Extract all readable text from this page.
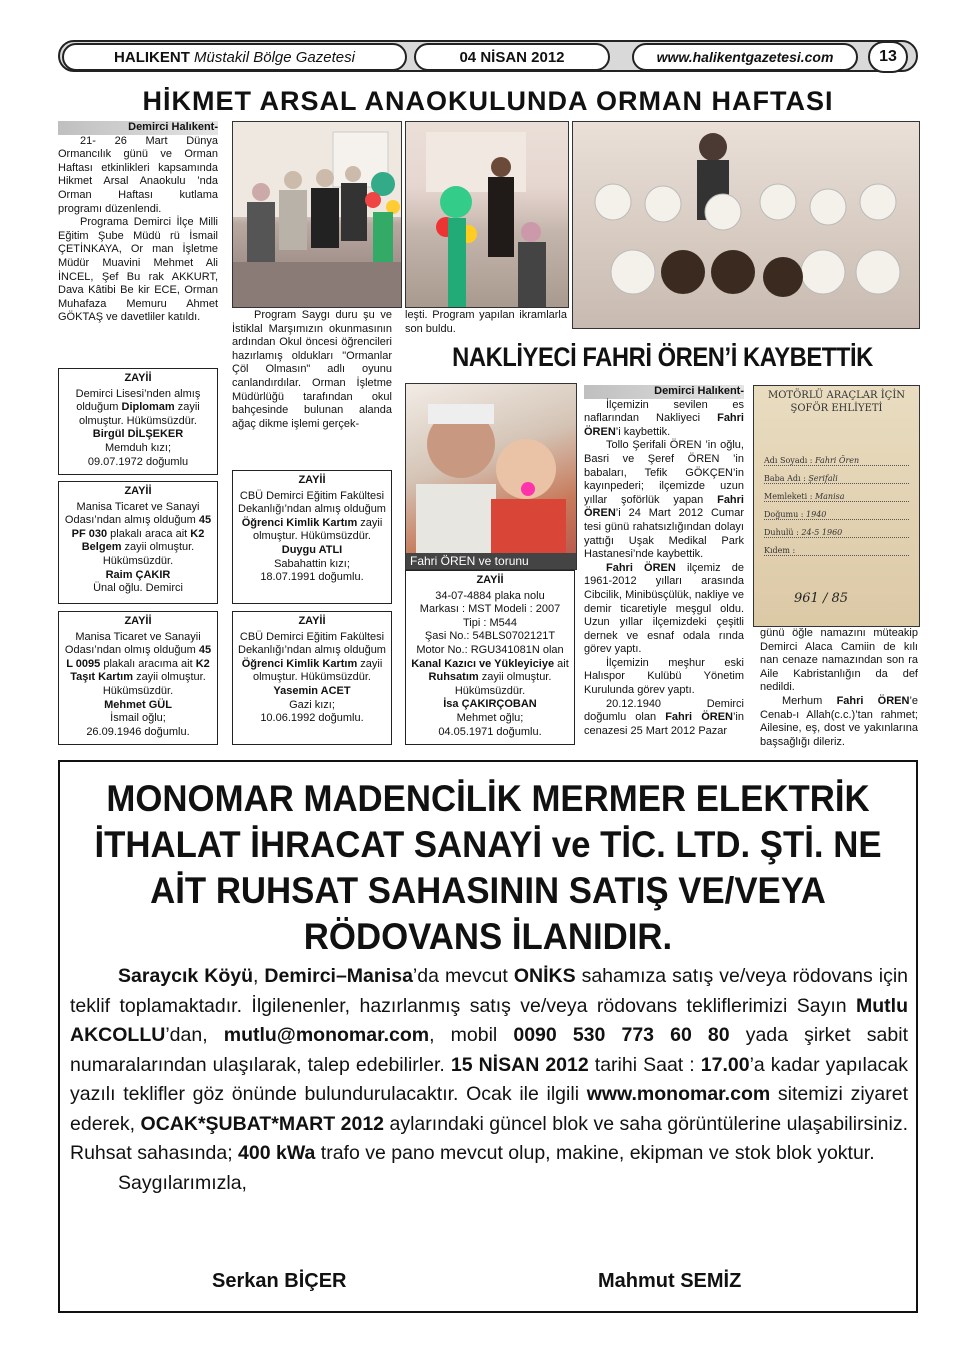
HALIKENT
Müstakil Bölge Gazetesi	04 NİSAN 2012	www.halikentgazetesi.com	13
HİKMET ARSAL ANAOKULUNDA ORMAN HAFTASI

Demirci Halıkent-

21- 26 Mart Dünya Ormancılık günü ve Orman Haftası etkinlikleri kapsamında Hikmet Arsal Anaokulu ’nda Orman Haftası kutlama programı düzenlendi.

Programa Demirci İlçe Milli Eğitim Şube Müdü rü İsmail ÇETİNKAYA, Or man İşletme Müdür Muavini Mehmet Ali İNCEL, Şef Bu rak AKKURT, Dava Kâtibi Be kir ECE, Orman Muhafaza Memuru Ahmet GÖKTAŞ ve davetliler katıldı.	Program Saygı duru şu ve İstiklal Marşımızın okunmasının ardından Okul öncesi öğrencileri hazırlamış oldukları "Ormanlar Çöl Olmasın" adlı oyunu canlandırdılar. Orman İşletme Müdürlüğü tarafından okul bahçesinde bulunan alanda ağaç dikme işlemi gerçek-

leşti. Program yapılan ikramlarla son buldu.

ZAYİİ
Demirci Lisesi’nden almış olduğum Diplomam zayii olmuştur. Hükümsüzdür.
Birgül DİLŞEKER
Memduh kızı;
09.07.1972 doğumlu
ZAYİİ
Manisa Ticaret ve Sanayi Odası’ndan almış olduğum 45 PF 030 plakalı araca ait K2 Belgem zayii olmuştur. Hükümsüzdür.
Raim ÇAKIR
Ünal oğlu. Demirci
ZAYİİ
Manisa Ticaret ve Sanayii Odası’ndan olmış olduğum 45 L 0095 plakalı aracıma ait K2 Taşıt Kartım zayii olmuştur. Hükümsüzdür.
Mehmet GÜL
İsmail oğlu;
26.09.1946 doğumlu.
ZAYİİ
CBÜ Demirci Eğitim Fakültesi Dekanlığı’ndan almış olduğum Öğrenci Kimlik Kartım zayii olmuştur. Hükümsüzdür.
Duygu ATLI
Sabahattin kızı;
18.07.1991 doğumlu.
ZAYİİ
CBÜ Demirci Eğitim Fakültesi Dekanlığı’ndan almış olduğum Öğrenci Kimlik Kartım zayii olmuştur. Hükümsüzdür.
Yasemin ACET
Gazi kızı;
10.06.1992 doğumlu.
NAKLİYECİ FAHRİ ÖREN’İ KAYBETTİK
Fahri ÖREN ve torunu
ZAYİİ
34-07-4884 plaka nolu
Markası : MST Modeli : 2007
Tipi : M544
Şasi No.: 54BLS0702121T
Motor No.: RGU341081N olan
Kanal Kazıcı ve Yükleyiciye ait Ruhsatım zayii olmuştur. Hükümsüzdür.
İsa ÇAKIRÇOBAN
Mehmet oğlu;
04.05.1971 doğumlu.

Demirci Halıkent-

İlçemizin sevilen es naflarından Nakliyeci Fahri ÖREN’i kaybettik.

Tollo Şerifali ÖREN ’in oğlu, Basri ve Şeref ÖREN ’in babaları, Tefik GÖKÇEN’in kayınpederi; ilçemizde uzun yıllar şoförlük yapan Fahri ÖREN’i 24 Mart 2012 Cumar tesi günü rahatsızlığından dolayı yattığı Uşak Medikal Park Hastanesi’nde kaybettik.

Fahri ÖREN ilçemiz de 1961-2012 yılları arasında Cibcilik, Minibüsçülük, nakliye ve demir ticaretiyle meşgul oldu. Uzun yıllar ilçemizdeki çeşitli dernek ve esnaf odala rında görev yaptı.

İlçemizin meşhur eski Halıspor Kulübü Yönetim Kurulunda görev yaptı.

20.12.1940 Demirci doğumlu olan Fahri ÖREN’in cenazesi 25 Mart 2012 Pazar

MOTÖRLÜ ARAÇLAR İÇİN
ŞOFÖR EHLİYETİ
Adı Soyadı : Fahri Ören
Baba Adı : Şerifali
Memleketi : Manisa
Doğumu : 1940
Duhulü : 24-5 1960
Kıdem :
961 / 85

günü öğle namazını müteakip Demirci Alaca Camiin de kılı nan cenaze namazından son ra Aile Kabristanlığın da def nedildi.

Merhum Fahri ÖREN’e Cenab-ı Allah(c.c.)’tan rahmet; Ailesine, eş, dost ve yakınlarına başsağlığı dileriz.

MONOMAR MADENCİLİK MERMER ELEKTRİK
İTHALAT İHRACAT SANAYİ ve TİC. LTD. ŞTİ. NE
AİT RUHSAT SAHASININ SATIŞ VE/VEYA
RÖDOVANS İLANIDIR.
Saraycık Köyü, Demirci–Manisa’da mevcut ONİKS sahamıza satış ve/veya rödovans için teklif toplamaktadır. İlgilenenler, hazırlanmış satış ve/veya rödovans tekliflerimizi Sayın Mutlu AKCOLLU’dan, mutlu@monomar.com, mobil 0090 530 773 60 80 yada şirket sabit numaralarından ulaşılarak, talep edebilirler. 15 NİSAN 2012 tarihi Saat : 17.00’a kadar yapılacak yazılı teklifler göz önünde bulundurulacaktır. Ocak ile ilgili www.monomar.com sitemizi ziyaret ederek, OCAK*ŞUBAT*MART 2012 aylarındaki güncel blok ve saha görüntülerine ulaşabilirsiniz. Ruhsat sahasında; 400 kWa trafo ve pano mevcut olup, makine, ekipman ve stok blok yoktur.
Saygılarımızla,
Serkan BİÇER	Mahmut SEMİZ
